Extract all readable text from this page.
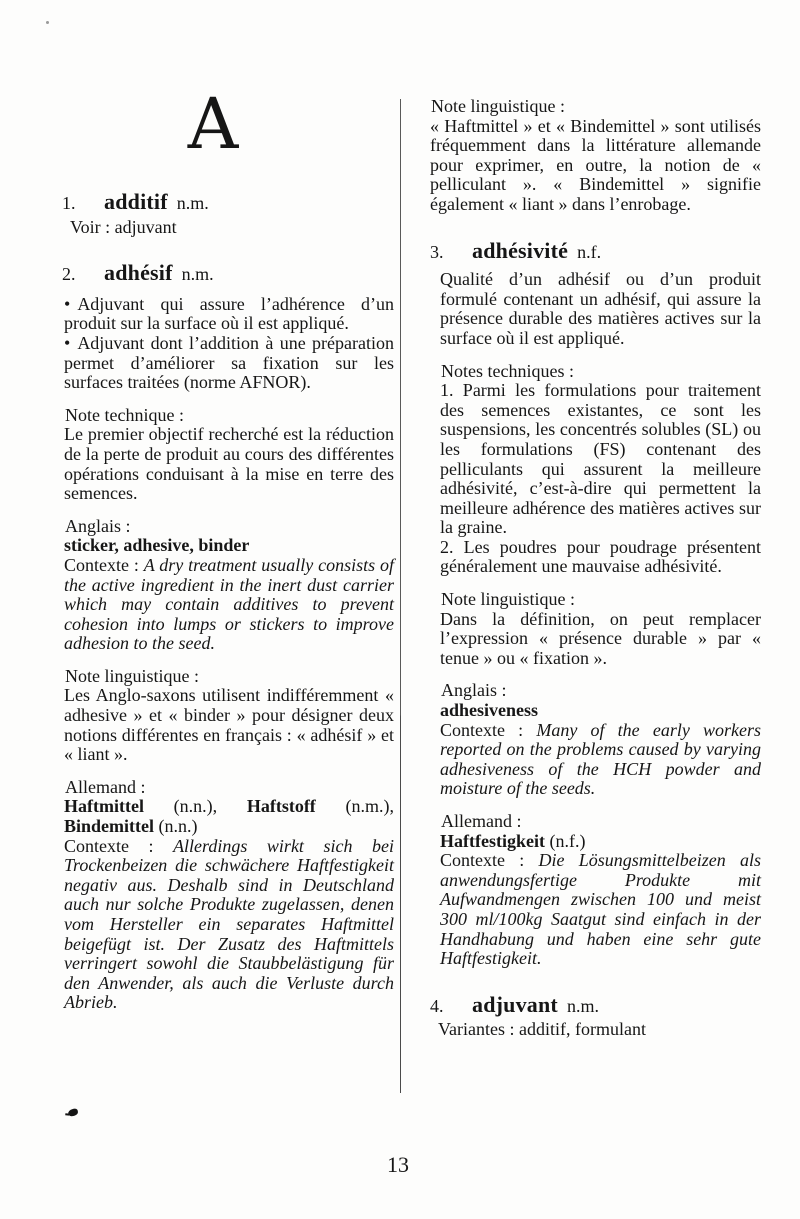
A
1.	additif n.m.
Voir : adjuvant
2.	adhésif n.m.

• Adjuvant qui assure l’adhérence d’un produit sur la surface où il est appliqué.

• Adjuvant dont l’addition à une préparation permet d’améliorer sa fixation sur les surfaces traitées (norme AFNOR).

Note technique :
Le premier objectif recherché est la réduction de la perte de produit au cours des différentes opérations conduisant à la mise en terre des semences.
Anglais :
sticker, adhesive, binder
Contexte : A dry treatment usually consists of the active ingredient in the inert dust carrier which may contain additives to prevent cohesion into lumps or stickers to improve adhesion to the seed.
Note linguistique :
Les Anglo-saxons utilisent indifféremment « adhesive » et « binder » pour désigner deux notions différentes en français : « adhésif » et « liant ».
Allemand :
Haftmittel (n.n.), Haftstoff (n.m.), Bindemittel (n.n.)
Contexte : Allerdings wirkt sich bei Trockenbeizen die schwächere Haftfestigkeit negativ aus. Deshalb sind in Deutschland auch nur solche Produkte zugelassen, denen vom Hersteller ein separates Haftmittel beigefügt ist. Der Zusatz des Haftmittels verringert sowohl die Staubbelästigung für den Anwender, als auch die Verluste durch Abrieb.
Note linguistique :
« Haftmittel » et « Bindemittel » sont utilisés fréquemment dans la littérature allemande pour exprimer, en outre, la notion de « pelliculant ». « Bindemittel » signifie également « liant » dans l’enrobage.
3.	adhésivité n.f.
Qualité d’un adhésif ou d’un produit formulé contenant un adhésif, qui assure la présence durable des matières actives sur la surface où il est appliqué.
Notes techniques :
1. Parmi les formulations pour traitement des semences existantes, ce sont les suspensions, les concentrés solubles (SL) ou les formulations (FS) contenant des pelliculants qui assurent la meilleure adhésivité, c’est-à-dire qui permettent la meilleure adhérence des matières actives sur la graine.
2. Les poudres pour poudrage présentent généralement une mauvaise adhésivité.
Note linguistique :
Dans la définition, on peut remplacer l’expression « présence durable » par « tenue » ou « fixation ».
Anglais :
adhesiveness
Contexte : Many of the early workers reported on the problems caused by varying adhesiveness of the HCH powder and moisture of the seeds.
Allemand :
Haftfestigkeit (n.f.)
Contexte : Die Lösungsmittelbeizen als anwendungsfertige Produkte mit Aufwandmengen zwischen 100 und meist 300 ml/100kg Saatgut sind einfach in der Handhabung und haben eine sehr gute Haftfestigkeit.
4.	adjuvant n.m.
Variantes : additif, formulant
13
